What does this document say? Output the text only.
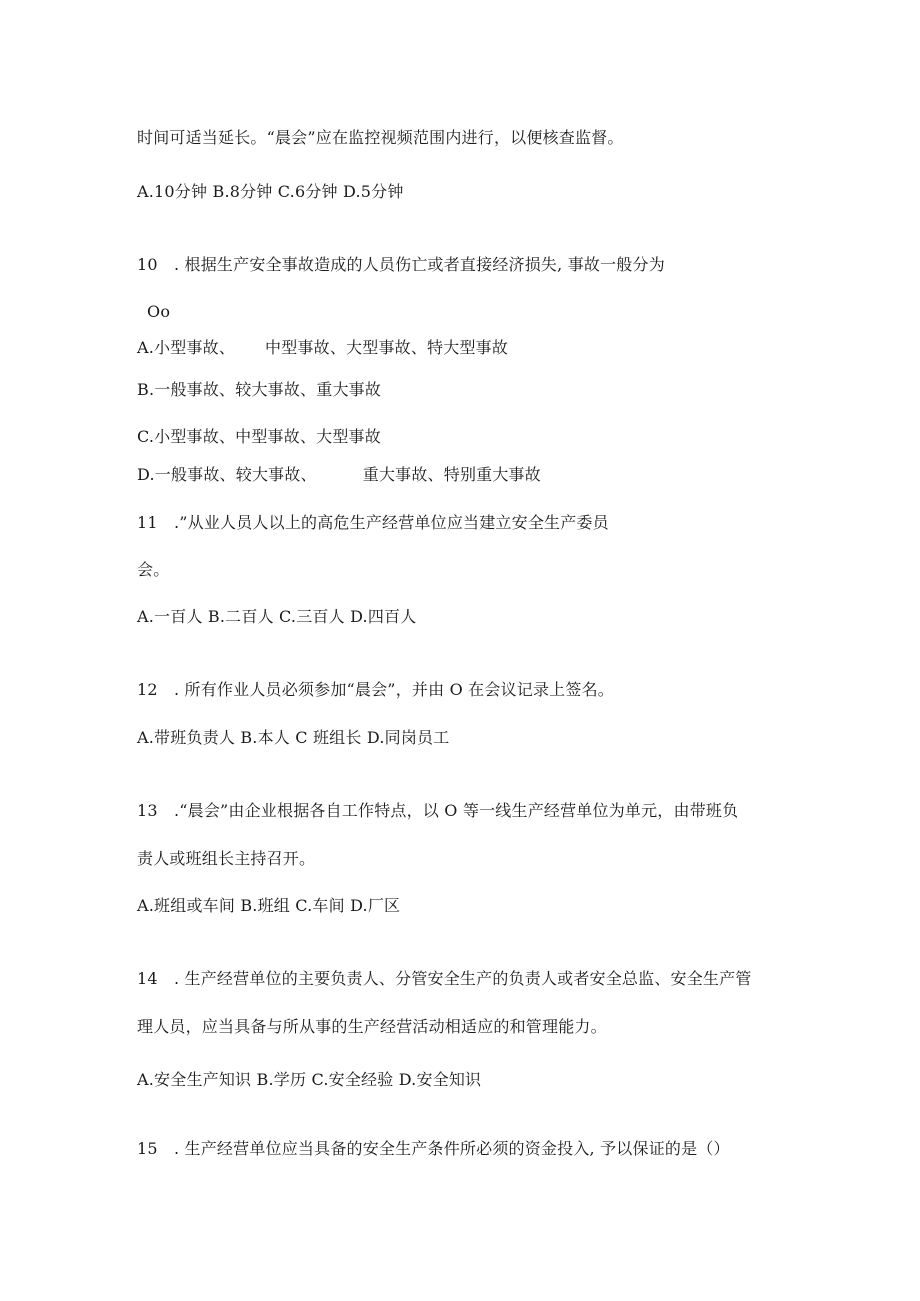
时间可适当延长。“晨会”应在监控视频范围内进行，以便核查监督。
A.10分钟 B.8分钟 C.6分钟 D.5分钟
10　. 根据生产安全事故造成的人员伤亡或者直接经济损失, 事故一般分为
Oo
A.小型事故、 中型事故、大型事故、特大型事故
B.一般事故、较大事故、重大事故
C.小型事故、中型事故、大型事故
D.一般事故、较大事故、	重大事故、特别重大事故
11　.”从业人员人以上的高危生产经营单位应当建立安全生产委员
会。
A.一百人 B.二百人 C.三百人 D.四百人
12　. 所有作业人员必须参加“晨会”，并由 O 在会议记录上签名。
A.带班负责人 B.本人 C 班组长 D.同岗员工
13　.“晨会”由企业根据各自工作特点，以 O 等一线生产经营单位为单元，由带班负
责人或班组长主持召开。
A.班组或车间 B.班组 C.车间 D.厂区
14　. 生产经营单位的主要负责人、分管安全生产的负责人或者安全总监、安全生产管
理人员，应当具备与所从事的生产经营活动相适应的和管理能力。
A.安全生产知识 B.学历 C.安全经验 D.安全知识
15　. 生产经营单位应当具备的安全生产条件所必须的资金投入, 予以保证的是（）
